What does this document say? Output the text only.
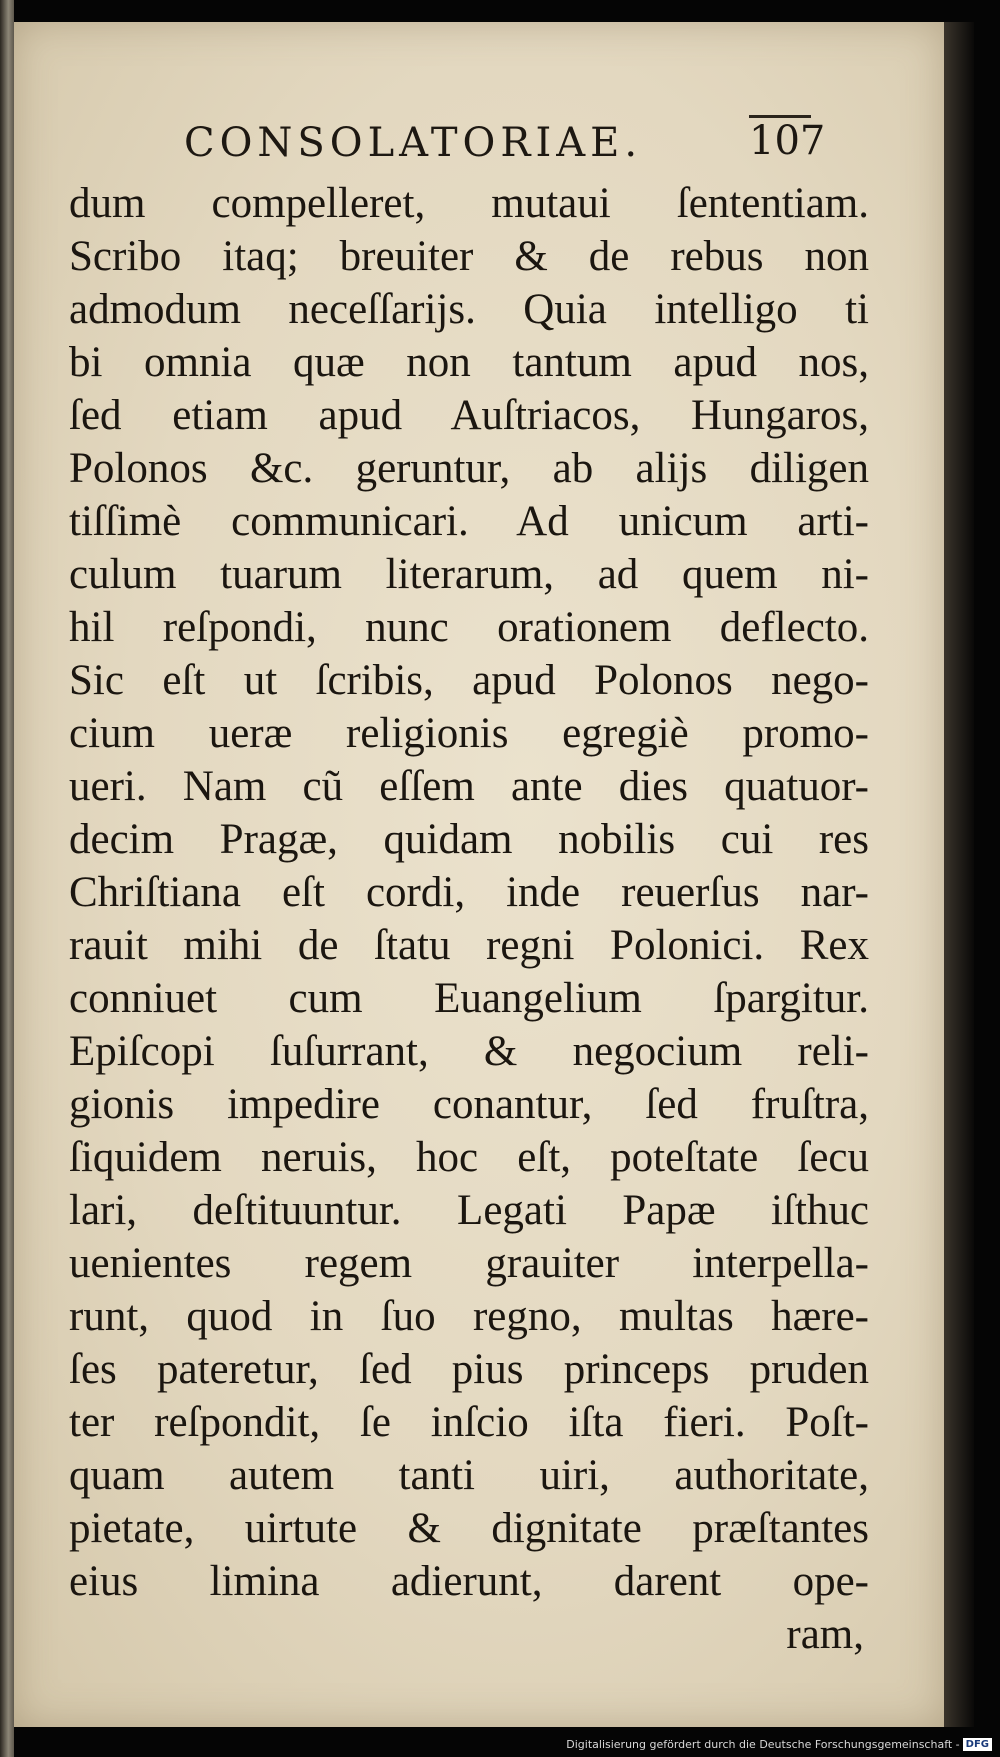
CONSOLATORIAE.	107
dum compelleret, mutaui ſententiam.
Scribo itaq; breuiter & de rebus non
admodum neceſſarijs. Quia intelligo ti
bi omnia quæ non tantum apud nos,
ſed etiam apud Auſtriacos, Hungaros,
Polonos &c. geruntur, ab alijs diligen
tiſſimè communicari. Ad unicum arti-
culum tuarum literarum, ad quem ni-
hil reſpondi, nunc orationem deflecto.
Sic eſt ut ſcribis, apud Polonos nego-
cium ueræ religionis egregiè promo-
ueri. Nam cũ eſſem ante dies quatuor-
decim Pragæ, quidam nobilis cui res
Chriſtiana eſt cordi, inde reuerſus nar-
rauit mihi de ſtatu regni Polonici. Rex
conniuet cum Euangelium ſpargitur.
Epiſcopi ſuſurrant, & negocium reli-
gionis impedire conantur, ſed fruſtra,
ſiquidem neruis, hoc eſt, poteſtate ſecu
lari, deſtituuntur. Legati Papæ iſthuc
uenientes regem grauiter interpella-
runt, quod in ſuo regno, multas hære-
ſes pateretur, ſed pius princeps pruden
ter reſpondit, ſe inſcio iſta fieri. Poſt-
quam autem tanti uiri, authoritate,
pietate, uirtute & dignitate præſtantes
eius limina adierunt, darent ope-
ram,
Digitalisierung gefördert durch die Deutsche Forschungsgemeinschaft - DFG
